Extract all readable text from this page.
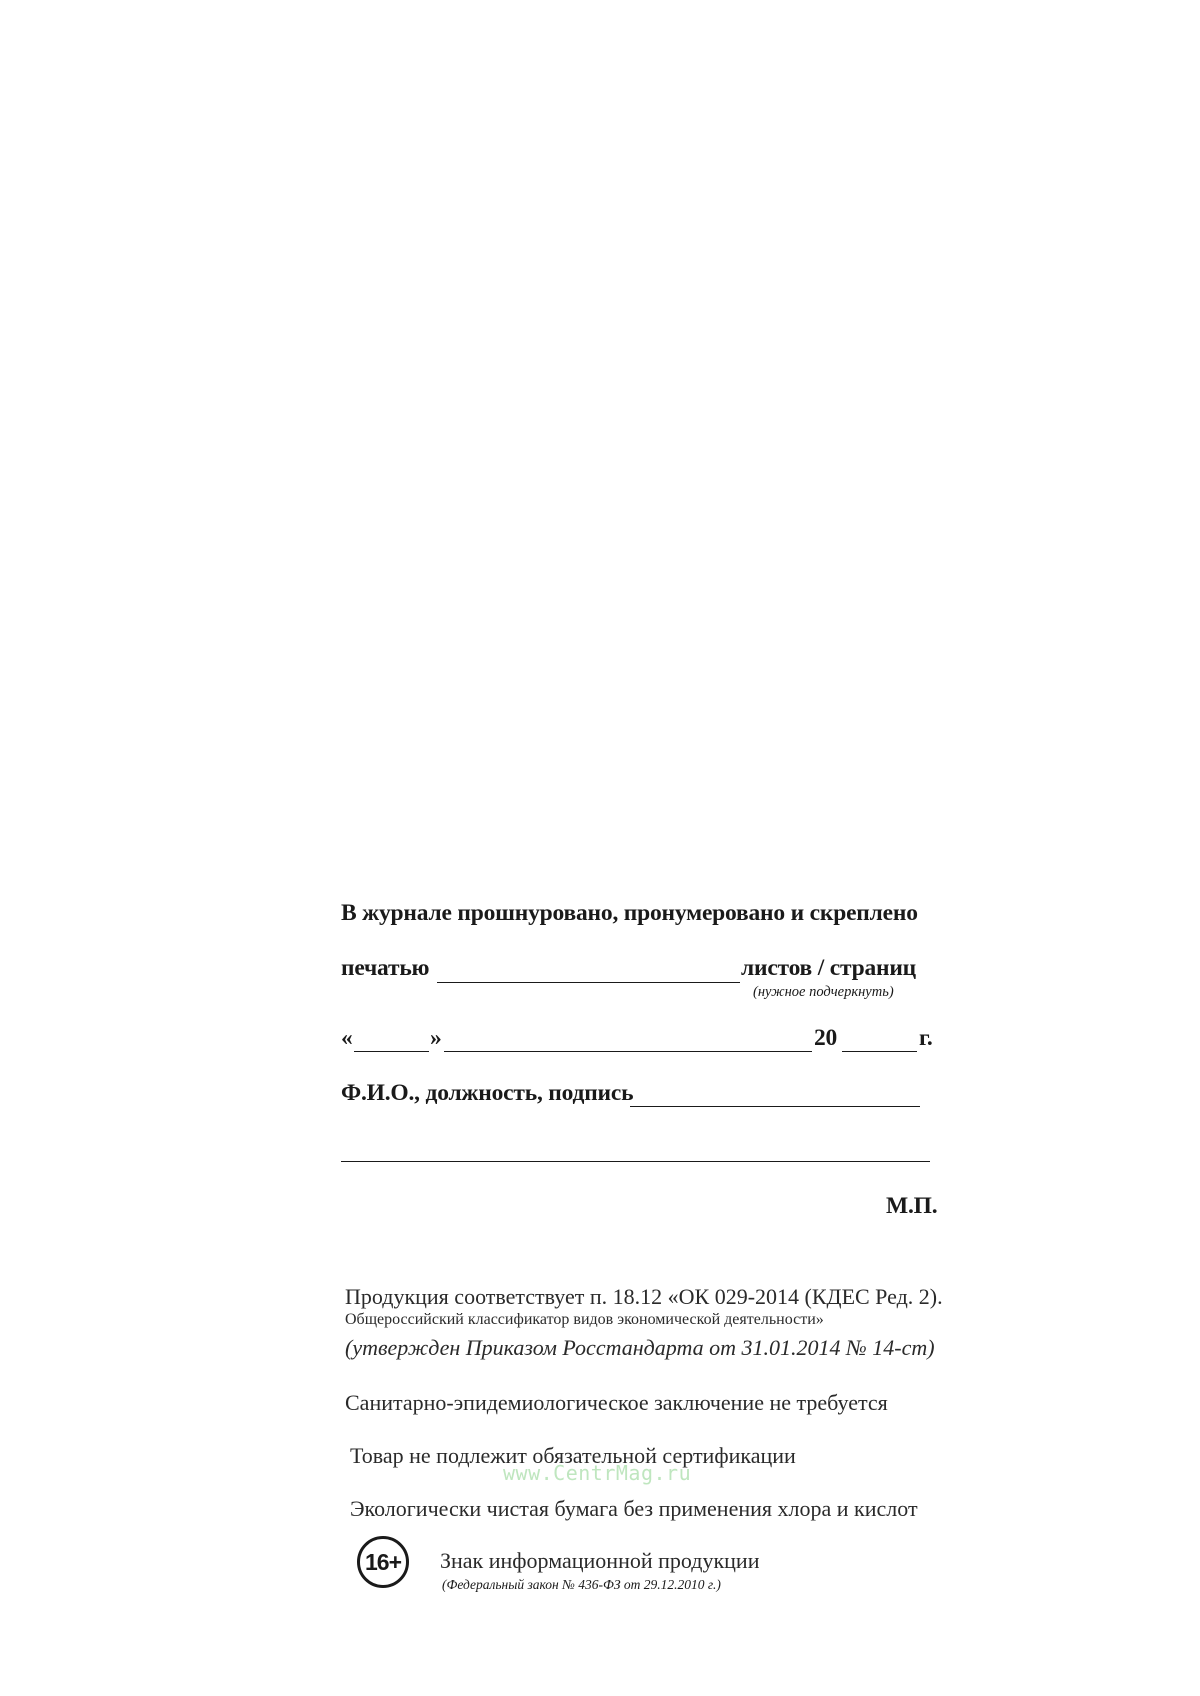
В журнале прошнуровано, пронумеровано и скреплено
печатью	листов / страниц
(нужное подчеркнуть)
«	»	20	г.
Ф.И.О., должность, подпись
М.П.
Продукция соответствует п. 18.12 «ОК 029-2014 (КДЕС Ред. 2).
Общероссийский классификатор видов экономической деятельности»
(утвержден Приказом Росстандарта от 31.01.2014 № 14-ст)
Санитарно-эпидемиологическое заключение не требуется
Товар не подлежит обязательной сертификации
www.CentrMag.ru
Экологически чистая бумага без применения хлора и кислот
16+ Знак информационной продукции
(Федеральный закон № 436-ФЗ от 29.12.2010 г.)
